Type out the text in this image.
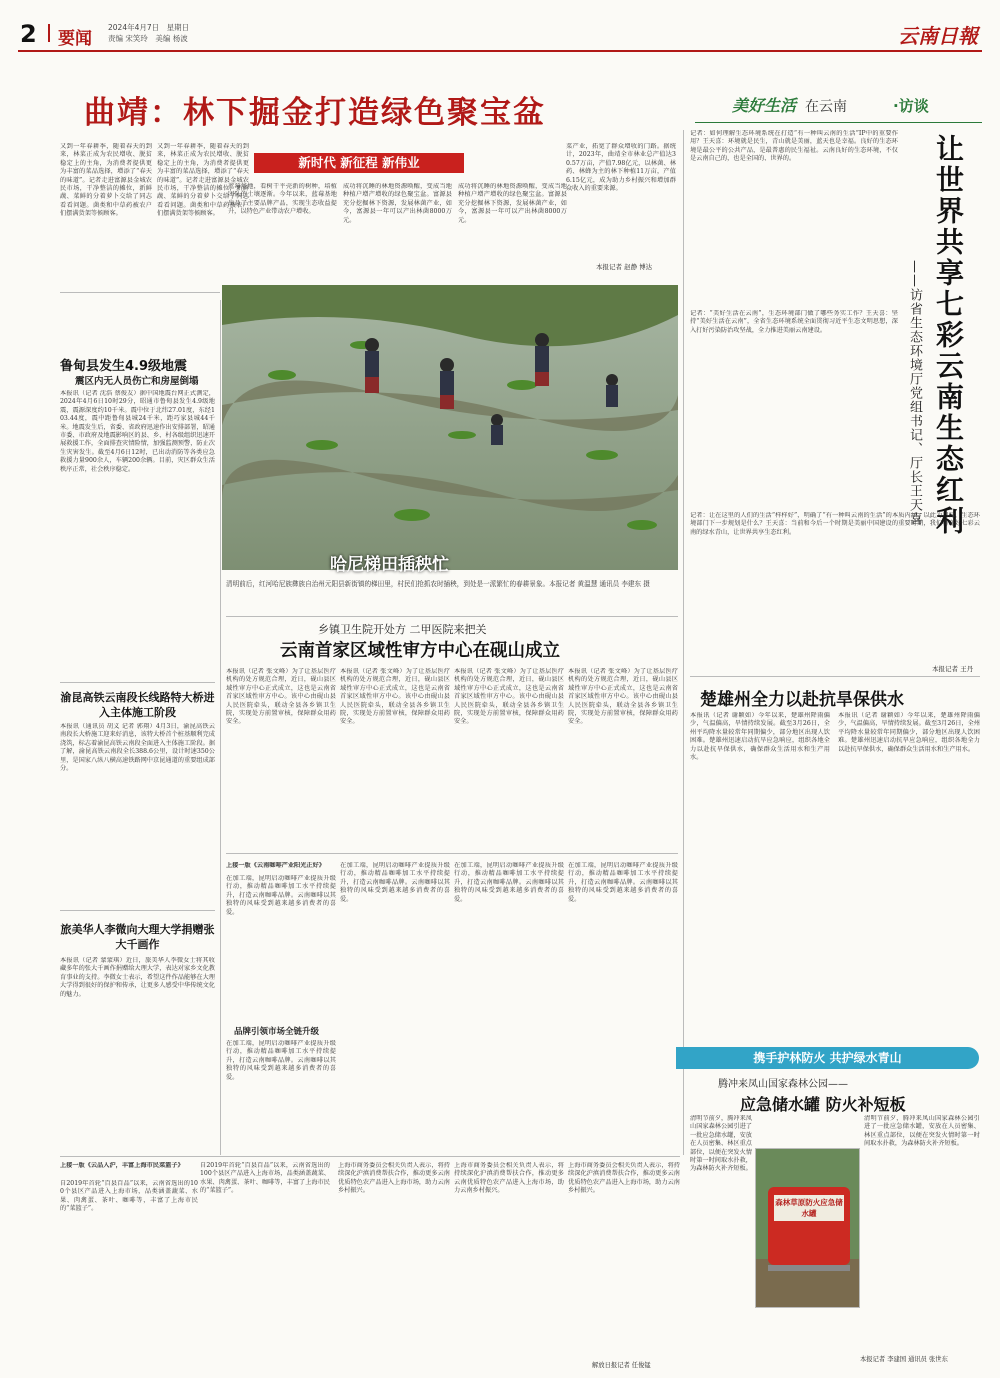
2 要闻
2024年4月7日　星期日
责编 宋笑玲　美编 杨波	云南日報
曲靖：林下掘金打造绿色聚宝盆
新时代 新征程 新伟业
又到一年春耕季，随着春天的到来，林菜正成为农民增收、脱贫稳定上的主角，为消费者提供更为丰富的菜品选择，增添了“春天的味道”。记者走进富源县金城农民市场，干净整洁的摊位，新鲜蔬、菜鲜的分着萝卜交给了同志看看问题。菌类和中草药被农户们摆满货架等候顾客。
又到一年春耕季，随着春天的到来，林菜正成为农民增收、脱贫稳定上的主角，为消费者提供更为丰富的菜品选择，增添了“春天的味道”。记者走进富源县金城农民市场，干净整洁的摊位，新鲜蔬、菜鲜的分着萝卜交给了同志看看问题。菌类和中草药被农户们摆满货架等候顾客。
蓝莓基地，看树干平壳新的树种，培植团队的土壤逐渐。今年以来，蓝莓基地出品了主要品牌产品，实现生态收益提升，以特色产业带动农户增收。
成功将沉睡的林地资源唤醒，变成当地种植户增产增收的绿色聚宝盆。富源县充分挖掘林下资源，发展林菌产业，如今，富源县一年可以产出林菌8000万元。
成功将沉睡的林地资源唤醒，变成当地种植户增产增收的绿色聚宝盆。富源县充分挖掘林下资源，发展林菌产业，如今，富源县一年可以产出林菌8000万元。
菜产业，拓宽了群众增收的门路。据统计，2023年，曲靖全市林业总产值达30.57万亩，产值7.98亿元，以林菌、林药、林蜂为主的林下种植11万亩，产值6.15亿元，成为助力乡村振兴和增加群众收入的重要来源。
本报记者 赵静 博达
哈尼梯田插秧忙
清明前后，红河哈尼族彝族自治州元阳县新街镇的梯田里，村民们抢抓农时插秧，到处是一派繁忙的春耕景象。本报记者 黄温慧 通讯员 李建东 摄
鲁甸县发生4.9级地震
震区内无人员伤亡和房屋倒塌
本报讯（记者 沈浩 蔡俊友）据中国地震台网正式测定，2024年4月6日10时29分，昭通市鲁甸县发生4.9级地震，震源深度约10千米。震中位于北纬27.01度，东经103.44度，震中距鲁甸县城24千米，距巧家县城44千米。地震发生后，省委、省政府迅速作出安排部署，昭通市委、市政府及地震影响区的县、乡、村各级组织迅速开展救援工作，全面排查灾情险情，加强监测预警，防止次生灾害发生。截至4月6日12时，已出动消防等各类应急救援力量900余人，车辆200余辆。目前，灾区群众生活秩序正常，社会秩序稳定。
渝昆高铁云南段长线路特大桥进入主体施工阶段
本报讯（通讯员 胡义 记者 郭翔）4月3日，渝昆高铁云南段长大桥施工迎来好消息，该特大桥首个桩基顺利完成浇筑，标志着渝昆高铁云南段全面进入主体施工阶段。据了解，渝昆高铁云南段全长388.6公里，设计时速350公里，是国家八纵八横高速铁路网中京昆通道的重要组成部分。
旅美华人李微向大理大学捐赠张大千画作
本报讯（记者 蒙蒙琪）近日，旅美华人李微女士将其收藏多年的张大千画作捐赠给大理大学，表达对家乡文化教育事业的支持。李微女士表示，希望这件作品能够在大理大学得到很好的保护和传承，让更多人感受中华传统文化的魅力。
乡镇卫生院开处方 二甲医院来把关
云南首家区域性审方中心在砚山成立
本报讯（记者 张文峰）为了让基层医疗机构的处方规范合理，近日，砚山县区域性审方中心正式成立，这也是云南省首家区域性审方中心。该中心由砚山县人民医院牵头，联动全县各乡镇卫生院，实现处方前置审核，保障群众用药安全。
本报讯（记者 张文峰）为了让基层医疗机构的处方规范合理，近日，砚山县区域性审方中心正式成立，这也是云南省首家区域性审方中心。该中心由砚山县人民医院牵头，联动全县各乡镇卫生院，实现处方前置审核，保障群众用药安全。
本报讯（记者 张文峰）为了让基层医疗机构的处方规范合理，近日，砚山县区域性审方中心正式成立，这也是云南省首家区域性审方中心。该中心由砚山县人民医院牵头，联动全县各乡镇卫生院，实现处方前置审核，保障群众用药安全。
本报讯（记者 张文峰）为了让基层医疗机构的处方规范合理，近日，砚山县区域性审方中心正式成立，这也是云南省首家区域性审方中心。该中心由砚山县人民医院牵头，联动全县各乡镇卫生院，实现处方前置审核，保障群众用药安全。
上接一版《云南咖啡产业阳光正好》
在加工端，昆明启动咖啡产业提质升级行动，推动精品咖啡加工水平持续提升，打造云南咖啡品牌。云南咖啡以其独特的风味受到越来越多消费者的喜爱。
品牌引领市场全链升级
在加工端，昆明启动咖啡产业提质升级行动，推动精品咖啡加工水平持续提升，打造云南咖啡品牌。云南咖啡以其独特的风味受到越来越多消费者的喜爱。
在加工端，昆明启动咖啡产业提质升级行动，推动精品咖啡加工水平持续提升，打造云南咖啡品牌。云南咖啡以其独特的风味受到越来越多消费者的喜爱。
在加工端，昆明启动咖啡产业提质升级行动，推动精品咖啡加工水平持续提升，打造云南咖啡品牌。云南咖啡以其独特的风味受到越来越多消费者的喜爱。
在加工端，昆明启动咖啡产业提质升级行动，推动精品咖啡加工水平持续提升，打造云南咖啡品牌。云南咖啡以其独特的风味受到越来越多消费者的喜爱。
美好生活 在云南	·访谈
让世界共享七彩云南生态红利
——访省生态环境厅党组书记、厅长王天喜
记者：如何理解生态环境系统在打造“有一种叫云南的生活”IP中的重要作用？王天喜：环境就是民生，青山就是美丽，蓝天也是幸福。良好的生态环境是最公平的公共产品，是最普惠的民生福祉。云南良好的生态环境，不仅是云南自己的，也是全国的、世界的。
记者：“美好生活在云南”，生态环境部门做了哪些务实工作？王天喜：坚持“美好生活在云南”，全省生态环境系统全面贯彻习近平生态文明思想，深入打好污染防治攻坚战，全力推进美丽云南建设。
记者：让在这里的人们的生活“样样好”，明确了“有一种叫云南的生活”的本质内涵，以此为目标，生态环境部门下一步规划是什么？王天喜：当前和今后一个时期是美丽中国建设的重要时期，我们将守好七彩云南的绿水青山，让世界共享生态红利。
本报记者 王丹
楚雄州全力以赴抗旱保供水
本报讯（记者 谢颖如）今年以来，楚雄州降雨偏少，气温偏高，旱情持续发展。截至3月26日，全州平均降水量较常年同期偏少，部分地区出现人饮困难。楚雄州迅速启动抗旱应急响应，组织各地全力以赴抗旱保供水，确保群众生活用水和生产用水。
本报讯（记者 谢颖如）今年以来，楚雄州降雨偏少，气温偏高，旱情持续发展。截至3月26日，全州平均降水量较常年同期偏少，部分地区出现人饮困难。楚雄州迅速启动抗旱应急响应，组织各地全力以赴抗旱保供水，确保群众生活用水和生产用水。
携手护林防火 共护绿水青山
腾冲来凤山国家森林公园——
应急储水罐 防火补短板
清明节前夕，腾冲来凤山国家森林公园引进了一批应急储水罐，安放在人员密集、林区重点部位，以便在突发火情时第一时间取水扑救，为森林防火补齐短板。
森林草原防火应急储水罐
清明节前夕，腾冲来凤山国家森林公园引进了一批应急储水罐，安放在人员密集、林区重点部位，以便在突发火情时第一时间取水扑救，为森林防火补齐短板。
本报记者 李建国 通讯员 张世东
上接一版《云品入沪，丰富上海市民菜篮子》
自2019年首轮“百县百品”以来，云南省选出的100个县区产品进入上海市场，品类涵盖蔬菜、水果、肉禽蛋、茶叶、咖啡等，丰富了上海市民的“菜篮子”。
自2019年首轮“百县百品”以来，云南省选出的100个县区产品进入上海市场，品类涵盖蔬菜、水果、肉禽蛋、茶叶、咖啡等，丰富了上海市民的“菜篮子”。
上海市商务委员会相关负责人表示，将持续深化沪滇消费帮扶合作，推动更多云南优质特色农产品进入上海市场，助力云南乡村振兴。
上海市商务委员会相关负责人表示，将持续深化沪滇消费帮扶合作，推动更多云南优质特色农产品进入上海市场，助力云南乡村振兴。
上海市商务委员会相关负责人表示，将持续深化沪滇消费帮扶合作，推动更多云南优质特色农产品进入上海市场，助力云南乡村振兴。
解放日报记者 任俊锰
